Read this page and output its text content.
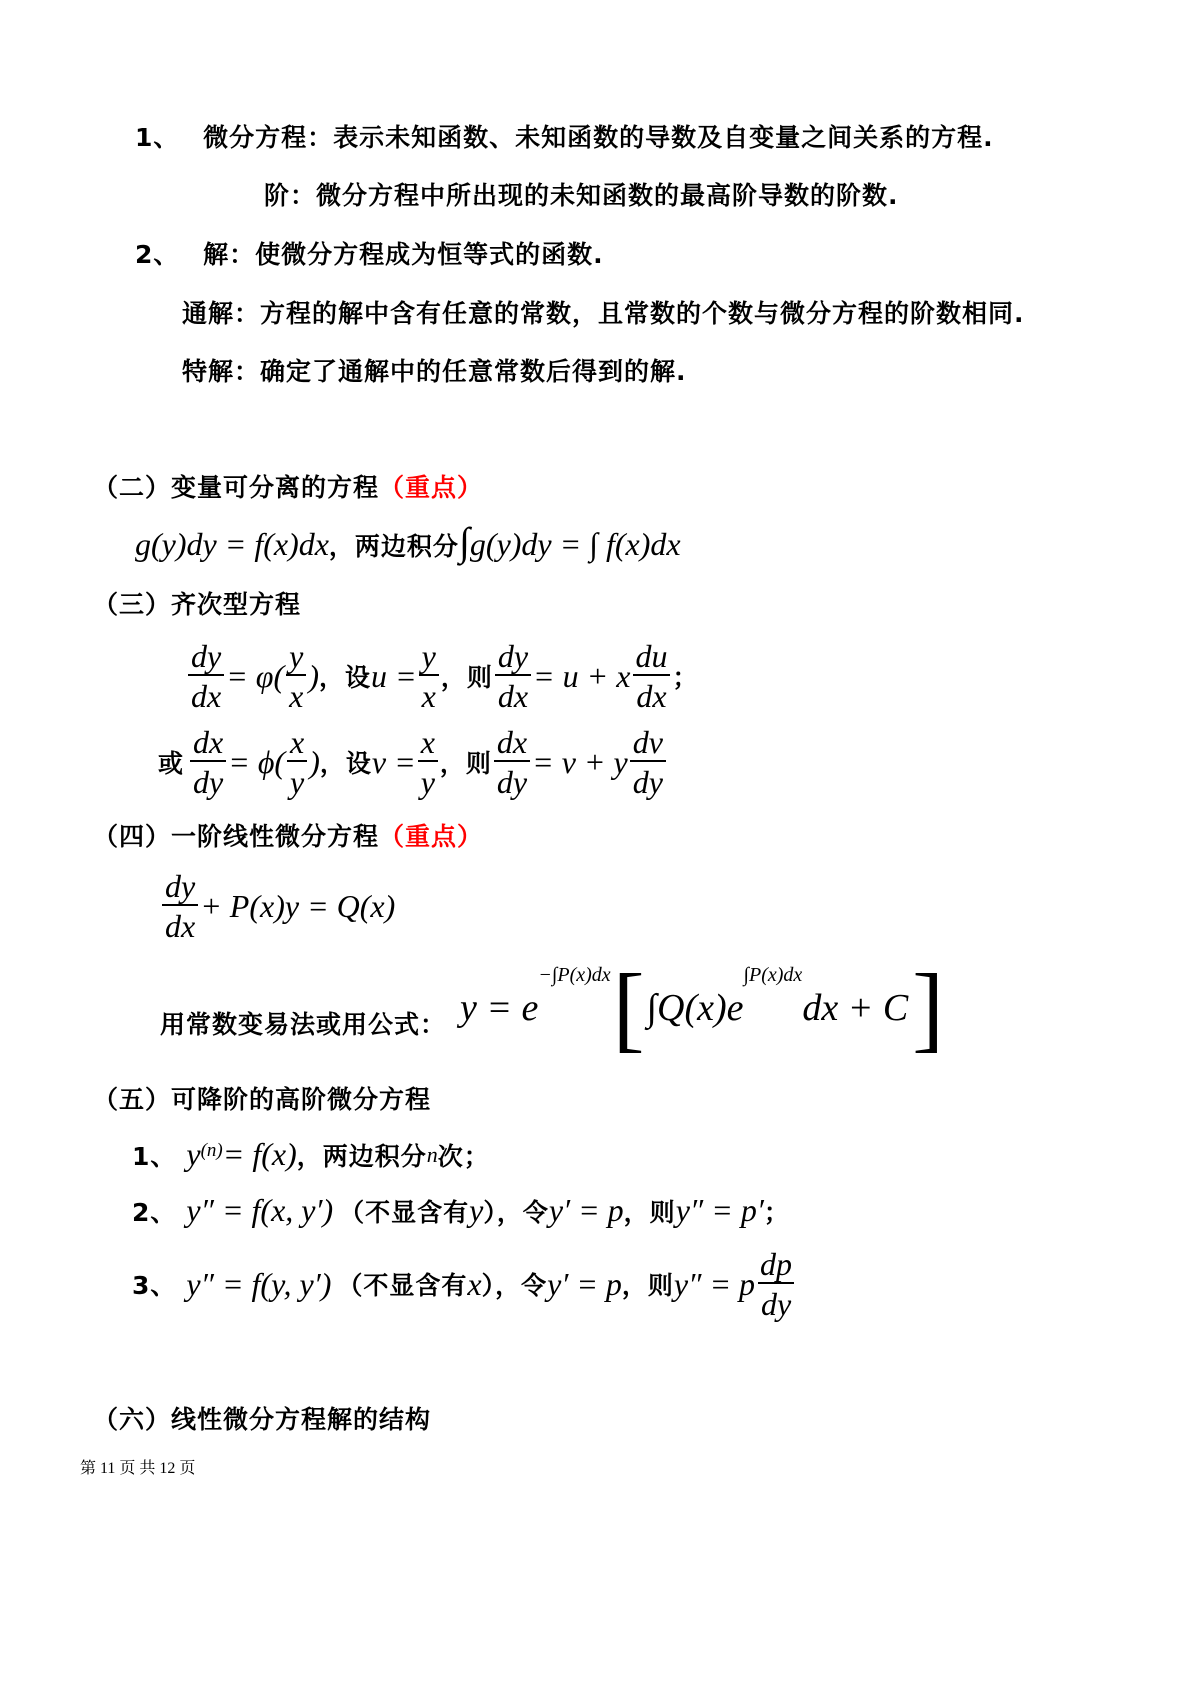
1、 微分方程：表示未知函数、未知函数的导数及自变量之间关系的方程.
阶：微分方程中所出现的未知函数的最高阶导数的阶数.
2、 解：使微分方程成为恒等式的函数.
通解：方程的解中含有任意的常数，且常数的个数与微分方程的阶数相同.
特解：确定了通解中的任意常数后得到的解.
（二）变量可分离的方程（重点）
g(y)dy = f(x)dx，两边积分∫g(y)dy = ∫ f(x)dx
（三）齐次型方程
$\frac{dy}{dx} = \varphi( \frac{y}{x}$ ) ，设 $u = \frac{y}{x}$ ，则 $\frac{dy}{dx} = u + x \frac{du}{dx}$ ；
或 $\frac{dx}{dy} = \phi( \frac{x}{y}$ ) ，设 $v = \frac{x}{y}$ ，则 $\frac{dx}{dy} = v + y \frac{dv}{dy}$
（四）一阶线性微分方程（重点）
$\frac{dy}{dx} + P(x)y = Q(x)$
用常数变易法或用公式： y = e
−∫P(x)dx [ ∫Q(x)e
∫P(x)dx
dx + C ]
（五）可降阶的高阶微分方程
1、 $y^{(n)} = f(x)$ ，两边积分 n 次；
2、 y″ = f(x, y′) （不显含有 y ），令 y′ = p ，则 y″ = p′ ；
3、 y″ = f(y, y′) （不显含有 x ），令 y′ = p ，则 y″ = p $\frac{dp}{dy}$
（六）线性微分方程解的结构
第 11 页 共 12 页
